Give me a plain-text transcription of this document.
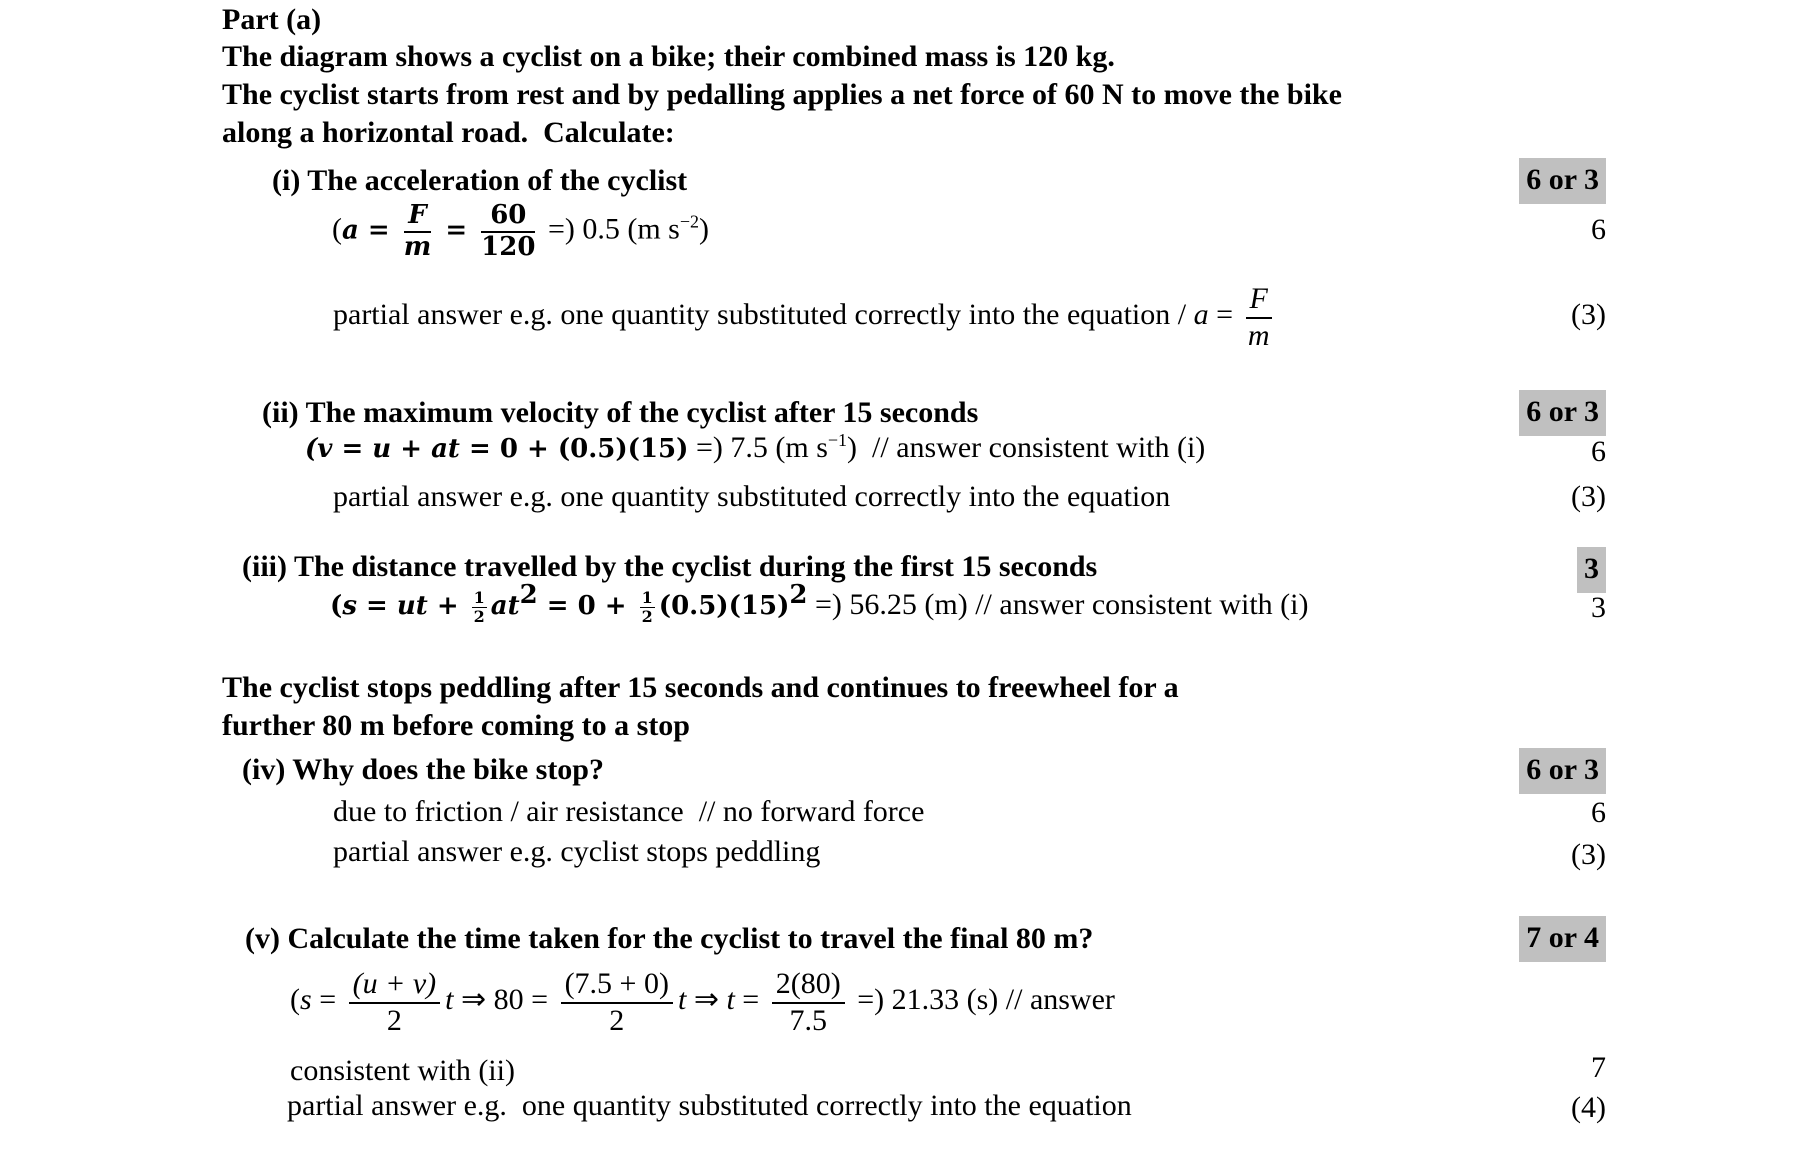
Part (a)
The diagram shows a cyclist on a bike; their combined mass is 120 kg.
The cyclist starts from rest and by pedalling applies a net force of 60 N to move the bike
along a horizontal road.  Calculate:
(i) The acceleration of the cyclist	6 or 3
($a = \frac{F}{m} = \frac{60}{120}$ =) 0.5 (m $s^{-2}$)	6
partial answer e.g. one quantity substituted correctly into the equation / $a = \frac{F}{m}$	(3)
(ii) The maximum velocity of the cyclist after 15 seconds	6 or 3
(v = u + at = 0 + (0.5)(15) =) 7.5 (m $s^{-1}$)  // answer consistent with (i)	6
partial answer e.g. one quantity substituted correctly into the equation	(3)
(iii) The distance travelled by the cyclist during the first 15 seconds	3
(s = ut + $\frac{1}{2} at^2 = 0 + \frac{1}{2} (0.5)(15)^2$ =) 56.25 (m) // answer consistent with (i)	3
The cyclist stops peddling after 15 seconds and continues to freewheel for a
further 80 m before coming to a stop
(iv) Why does the bike stop?	6 or 3
due to friction / air resistance  // no forward force	6
partial answer e.g. cyclist stops peddling	(3)
(v) Calculate the time taken for the cyclist to travel the final 80 m?	7 or 4
($s = \frac{(u + v)}{2}$ t ⇒ $80 = \frac{(7.5 + 0)}{2}$ t ⇒ $t = \frac{2(80)}{7.5}$ =) 21.33 (s) // answer
consistent with (ii)	7
partial answer e.g.  one quantity substituted correctly into the equation	(4)
